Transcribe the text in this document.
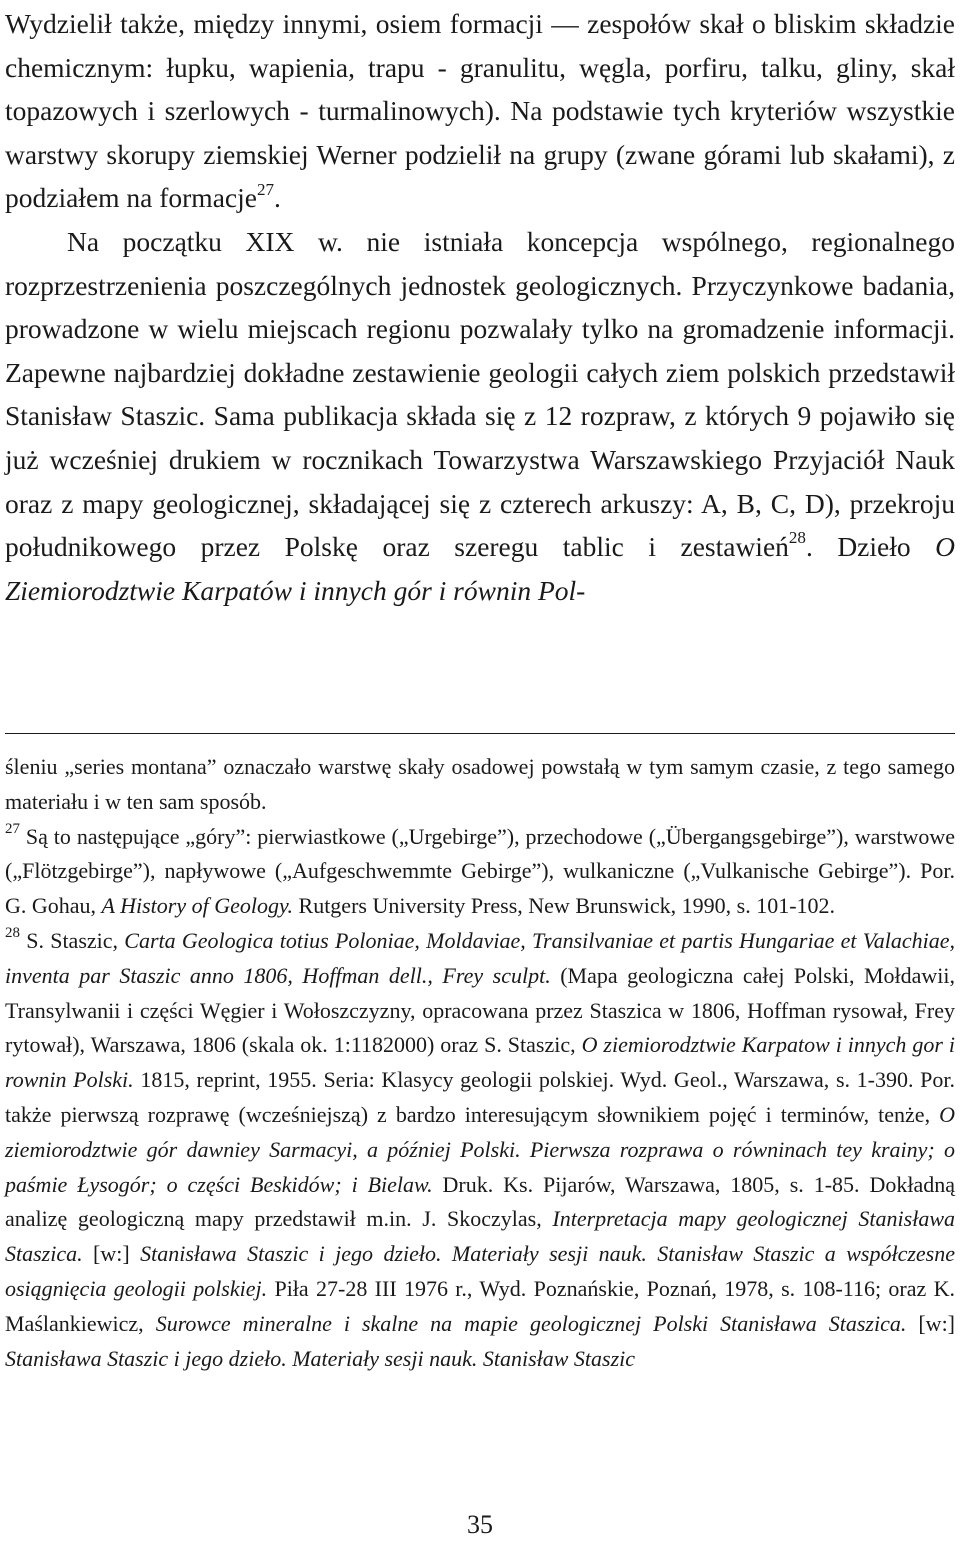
Wydzielił także, między innymi, osiem formacji — zespołów skał o bliskim składzie chemicznym: łupku, wapienia, trapu - granulitu, węgla, porfiru, talku, gliny, skał topazowych i szerlowych - turmalinowych). Na podstawie tych kryteriów wszystkie warstwy skorupy ziemskiej Werner podzielił na grupy (zwane górami lub skałami), z podziałem na formacje$^{27}$.

Na początku XIX w. nie istniała koncepcja wspólnego, regionalnego rozprzestrzenienia poszczególnych jednostek geologicznych. Przyczynkowe badania, prowadzone w wielu miejscach regionu pozwalały tylko na gromadzenie informacji. Zapewne najbardziej dokładne zestawienie geologii całych ziem polskich przedstawił Stanisław Staszic. Sama publikacja składa się z 12 rozpraw, z których 9 pojawiło się już wcześniej drukiem w rocznikach Towarzystwa Warszawskiego Przyjaciół Nauk oraz z mapy geologicznej, składającej się z czterech arkuszy: A, B, C, D), przekroju południkowego przez Polskę oraz szeregu tablic i zestawień$^{28}$. Dzieło O Ziemiorodztwie Karpatów i innych gór i równin Pol-

śleniu „series montana” oznaczało warstwę skały osadowej powstałą w tym samym czasie, z tego samego materiału i w ten sam sposób.

$^{27}$ Są to następujące „góry”: pierwiastkowe („Urgebirge”), przechodowe („Übergangsgebirge”), warstwowe („Flötzgebirge”), napływowe („Aufgeschwemmte Gebirge”), wulkaniczne („Vulkanische Gebirge”). Por. G. Gohau, A History of Geology. Rutgers University Press, New Brunswick, 1990, s. 101-102.

$^{28}$ S. Staszic, Carta Geologica totius Poloniae, Moldaviae, Transilvaniae et partis Hungariae et Valachiae, inventa par Staszic anno 1806, Hoffman dell., Frey sculpt. (Mapa geologiczna całej Polski, Mołdawii, Transylwanii i części Węgier i Wołoszczyzny, opracowana przez Staszica w 1806, Hoffman rysował, Frey rytował), Warszawa, 1806 (skala ok. 1:1182000) oraz S. Staszic, O ziemiorodztwie Karpatow i innych gor i rownin Polski. 1815, reprint, 1955. Seria: Klasycy geologii polskiej. Wyd. Geol., Warszawa, s. 1-390. Por. także pierwszą rozprawę (wcześniejszą) z bardzo interesującym słownikiem pojęć i terminów, tenże, O ziemiorodztwie gór dawniey Sarmacyi, a później Polski. Pierwsza rozprawa o równinach tey krainy; o paśmie Łysogór; o części Beskidów; i Bielaw. Druk. Ks. Pijarów, Warszawa, 1805, s. 1-85. Dokładną analizę geologiczną mapy przedstawił m.in. J. Skoczylas, Interpretacja mapy geologicznej Stanisława Staszica. [w:] Stanisława Staszic i jego dzieło. Materiały sesji nauk. Stanisław Staszic a współczesne osiągnięcia geologii polskiej. Piła 27-28 III 1976 r., Wyd. Poznańskie, Poznań, 1978, s. 108-116; oraz K. Maślankiewicz, Surowce mineralne i skalne na mapie geologicznej Polski Stanisława Staszica. [w:] Stanisława Staszic i jego dzieło. Materiały sesji nauk. Stanisław Staszic

35
